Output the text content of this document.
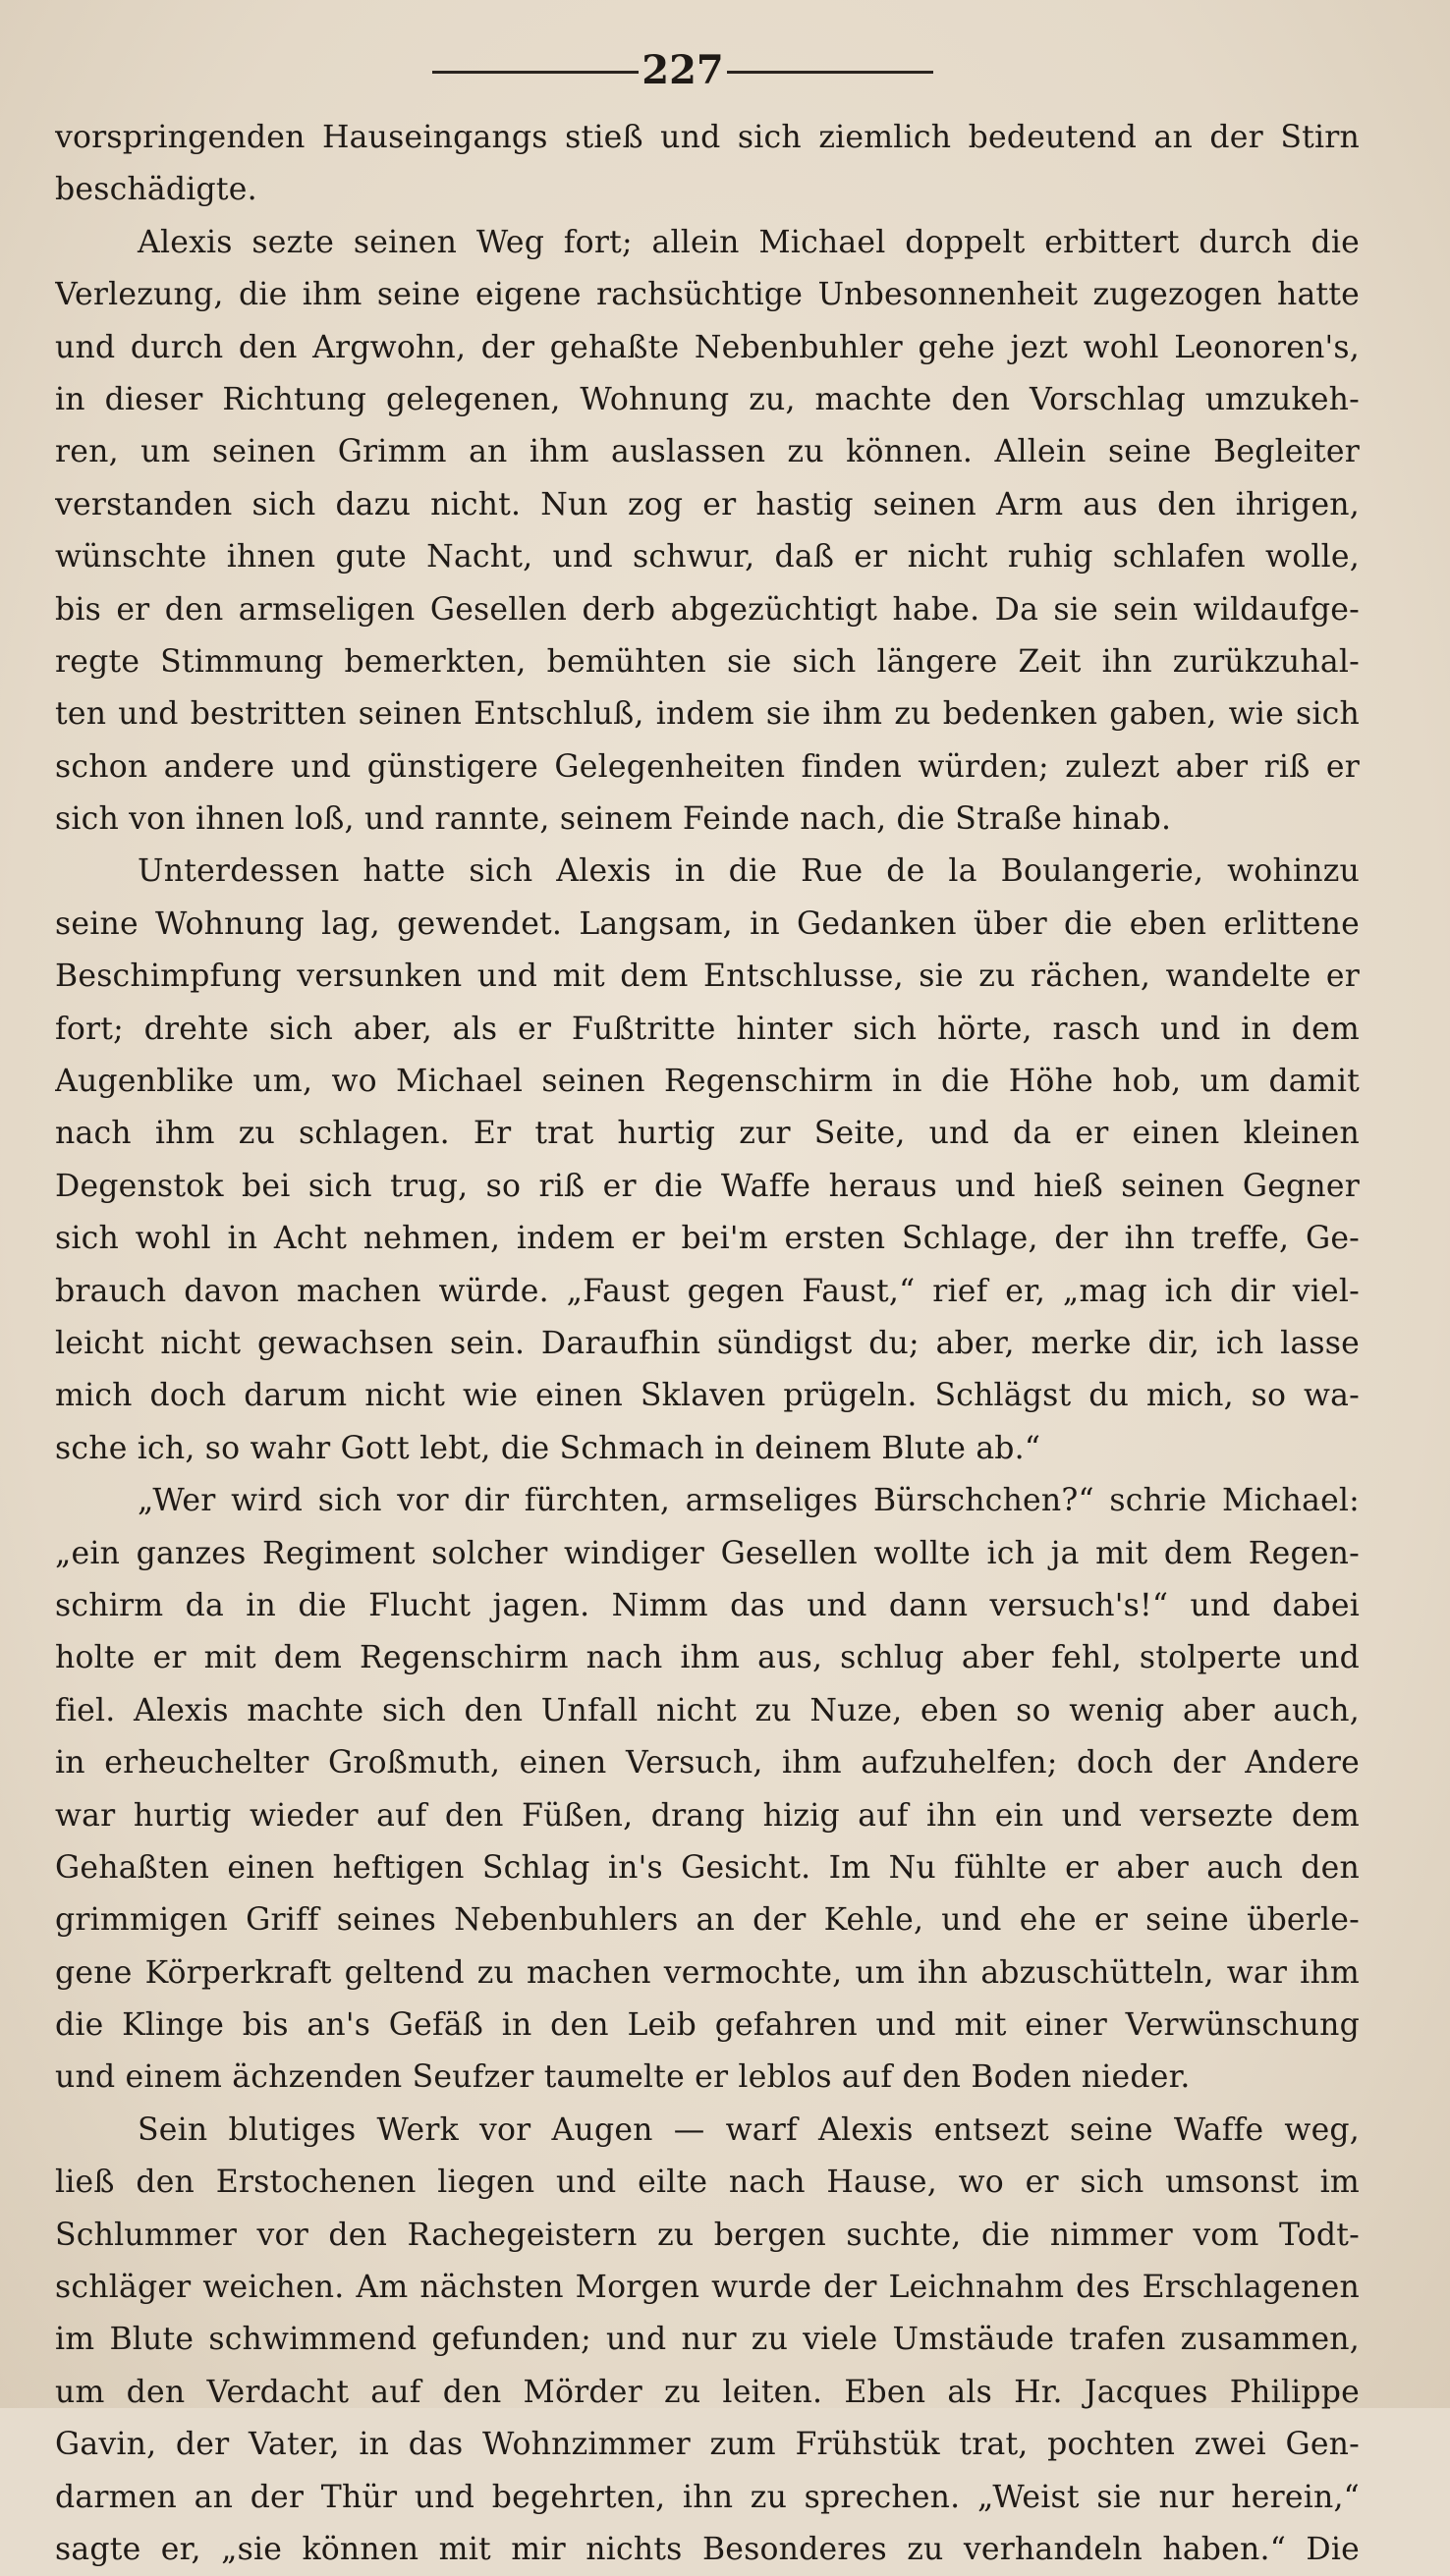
227
vorspringenden Hauseingangs stieß und sich ziemlich bedeutend an der Stirn
beschädigte.
Alexis sezte seinen Weg fort; allein Michael doppelt erbittert durch die
Verlezung, die ihm seine eigene rachsüchtige Unbesonnenheit zugezogen hatte
und durch den Argwohn, der gehaßte Nebenbuhler gehe jezt wohl Leonoren's,
in dieser Richtung gelegenen, Wohnung zu, machte den Vorschlag umzukeh-
ren, um seinen Grimm an ihm auslassen zu können. Allein seine Begleiter
verstanden sich dazu nicht. Nun zog er hastig seinen Arm aus den ihrigen,
wünschte ihnen gute Nacht, und schwur, daß er nicht ruhig schlafen wolle,
bis er den armseligen Gesellen derb abgezüchtigt habe. Da sie sein wildaufge-
regte Stimmung bemerkten, bemühten sie sich längere Zeit ihn zurükzuhal-
ten und bestritten seinen Entschluß, indem sie ihm zu bedenken gaben, wie sich
schon andere und günstigere Gelegenheiten finden würden; zulezt aber riß er
sich von ihnen loß, und rannte, seinem Feinde nach, die Straße hinab.
Unterdessen hatte sich Alexis in die Rue de la Boulangerie, wohinzu
seine Wohnung lag, gewendet. Langsam, in Gedanken über die eben erlittene
Beschimpfung versunken und mit dem Entschlusse, sie zu rächen, wandelte er
fort; drehte sich aber, als er Fußtritte hinter sich hörte, rasch und in dem
Augenblike um, wo Michael seinen Regenschirm in die Höhe hob, um damit
nach ihm zu schlagen. Er trat hurtig zur Seite, und da er einen kleinen
Degenstok bei sich trug, so riß er die Waffe heraus und hieß seinen Gegner
sich wohl in Acht nehmen, indem er bei'm ersten Schlage, der ihn treffe, Ge-
brauch davon machen würde. „Faust gegen Faust,“ rief er, „mag ich dir viel-
leicht nicht gewachsen sein. Daraufhin sündigst du; aber, merke dir, ich lasse
mich doch darum nicht wie einen Sklaven prügeln. Schlägst du mich, so wa-
sche ich, so wahr Gott lebt, die Schmach in deinem Blute ab.“
„Wer wird sich vor dir fürchten, armseliges Bürschchen?“ schrie Michael:
„ein ganzes Regiment solcher windiger Gesellen wollte ich ja mit dem Regen-
schirm da in die Flucht jagen. Nimm das und dann versuch's!“ und dabei
holte er mit dem Regenschirm nach ihm aus, schlug aber fehl, stolperte und
fiel. Alexis machte sich den Unfall nicht zu Nuze, eben so wenig aber auch,
in erheuchelter Großmuth, einen Versuch, ihm aufzuhelfen; doch der Andere
war hurtig wieder auf den Füßen, drang hizig auf ihn ein und versezte dem
Gehaßten einen heftigen Schlag in's Gesicht. Im Nu fühlte er aber auch den
grimmigen Griff seines Nebenbuhlers an der Kehle, und ehe er seine überle-
gene Körperkraft geltend zu machen vermochte, um ihn abzuschütteln, war ihm
die Klinge bis an's Gefäß in den Leib gefahren und mit einer Verwünschung
und einem ächzenden Seufzer taumelte er leblos auf den Boden nieder.
Sein blutiges Werk vor Augen — warf Alexis entsezt seine Waffe weg,
ließ den Erstochenen liegen und eilte nach Hause, wo er sich umsonst im
Schlummer vor den Rachegeistern zu bergen suchte, die nimmer vom Todt-
schläger weichen. Am nächsten Morgen wurde der Leichnahm des Erschlagenen
im Blute schwimmend gefunden; und nur zu viele Umstäude trafen zusammen,
um den Verdacht auf den Mörder zu leiten. Eben als Hr. Jacques Philippe
Gavin, der Vater, in das Wohnzimmer zum Frühstük trat, pochten zwei Gen-
darmen an der Thür und begehrten, ihn zu sprechen. „Weist sie nur herein,“
sagte er, „sie können mit mir nichts Besonderes zu verhandeln haben.“ Die
